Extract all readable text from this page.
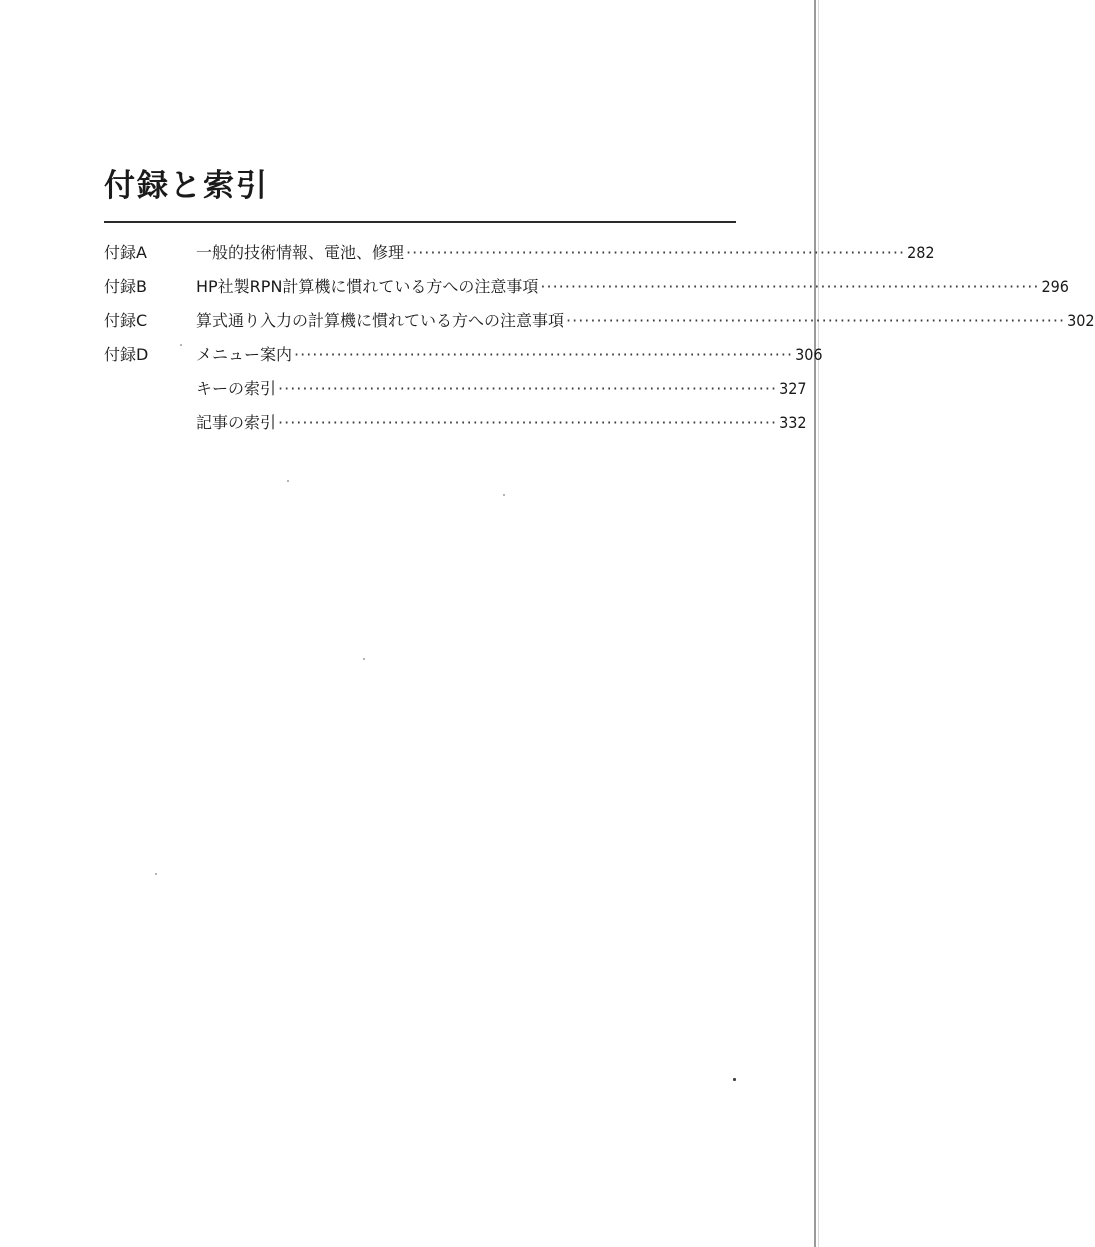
付録と索引
付録A	一般的技術情報、電池、修理 ·················································································· 282
付録B	HP社製RPN計算機に慣れている方への注意事項 ·················································································· 296
付録C	算式通り入力の計算機に慣れている方への注意事項 ·················································································· 302
付録D	メニュー案内 ·················································································· 306
キーの索引 ·················································································· 327
記事の索引 ·················································································· 332
